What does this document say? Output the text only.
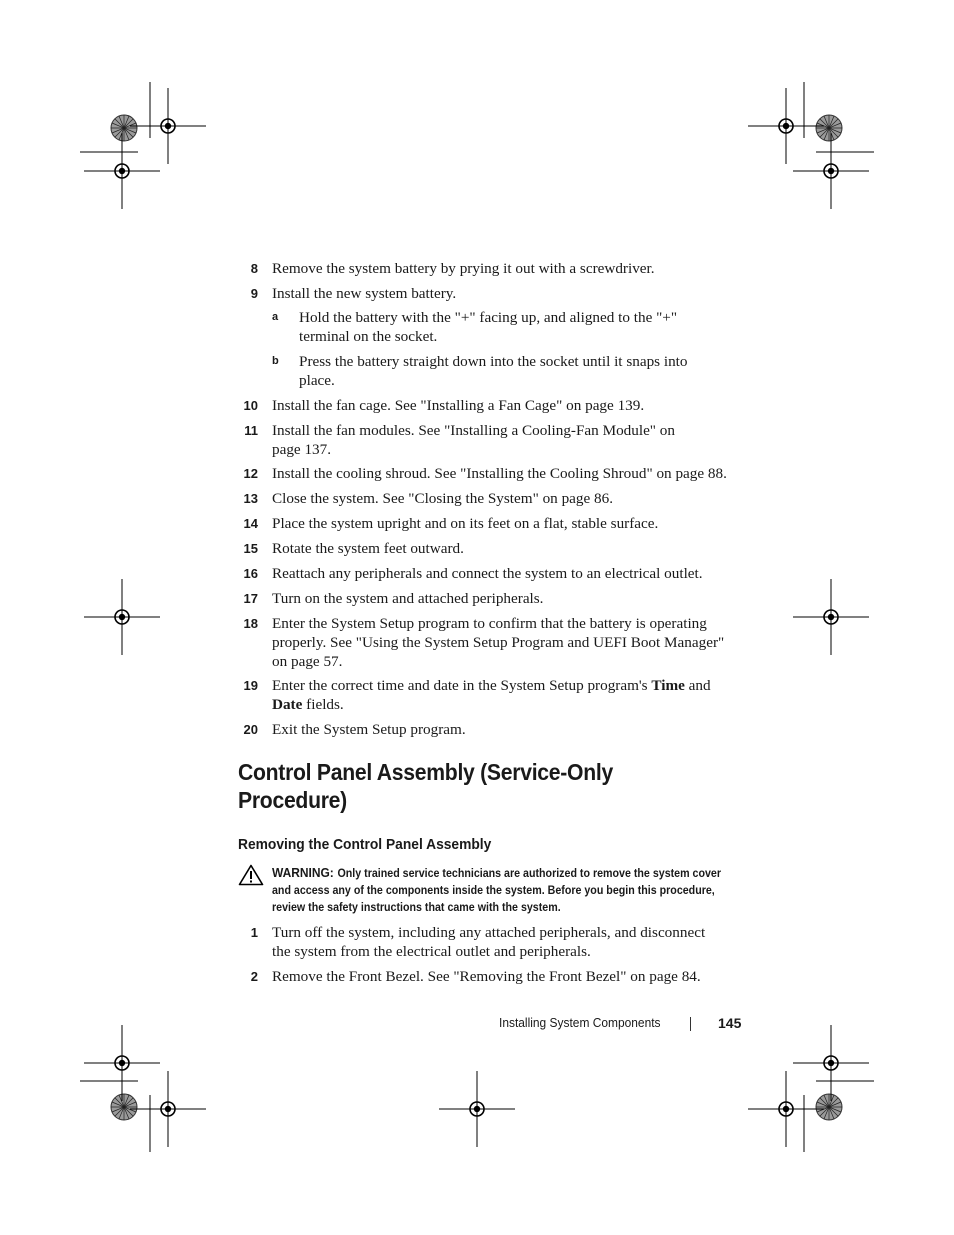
8 Remove the system battery by prying it out with a screwdriver.
9 Install the new system battery.
a Hold the battery with the "+" facing up, and aligned to the "+" terminal on the socket.
b Press the battery straight down into the socket until it snaps into place.
10 Install the fan cage. See "Installing a Fan Cage" on page 139.
11 Install the fan modules. See "Installing a Cooling-Fan Module" on page 137.
12 Install the cooling shroud. See "Installing the Cooling Shroud" on page 88.
13 Close the system. See "Closing the System" on page 86.
14 Place the system upright and on its feet on a flat, stable surface.
15 Rotate the system feet outward.
16 Reattach any peripherals and connect the system to an electrical outlet.
17 Turn on the system and attached peripherals.
18 Enter the System Setup program to confirm that the battery is operating properly. See "Using the System Setup Program and UEFI Boot Manager" on page 57.
19 Enter the correct time and date in the System Setup program's Time and Date fields.
20 Exit the System Setup program.
Control Panel Assembly (Service-Only Procedure)
Removing the Control Panel Assembly
WARNING: Only trained service technicians are authorized to remove the system cover and access any of the components inside the system. Before you begin this procedure, review the safety instructions that came with the system.
1 Turn off the system, including any attached peripherals, and disconnect the system from the electrical outlet and peripherals.
2 Remove the Front Bezel. See "Removing the Front Bezel" on page 84.
Installing System Components	145
